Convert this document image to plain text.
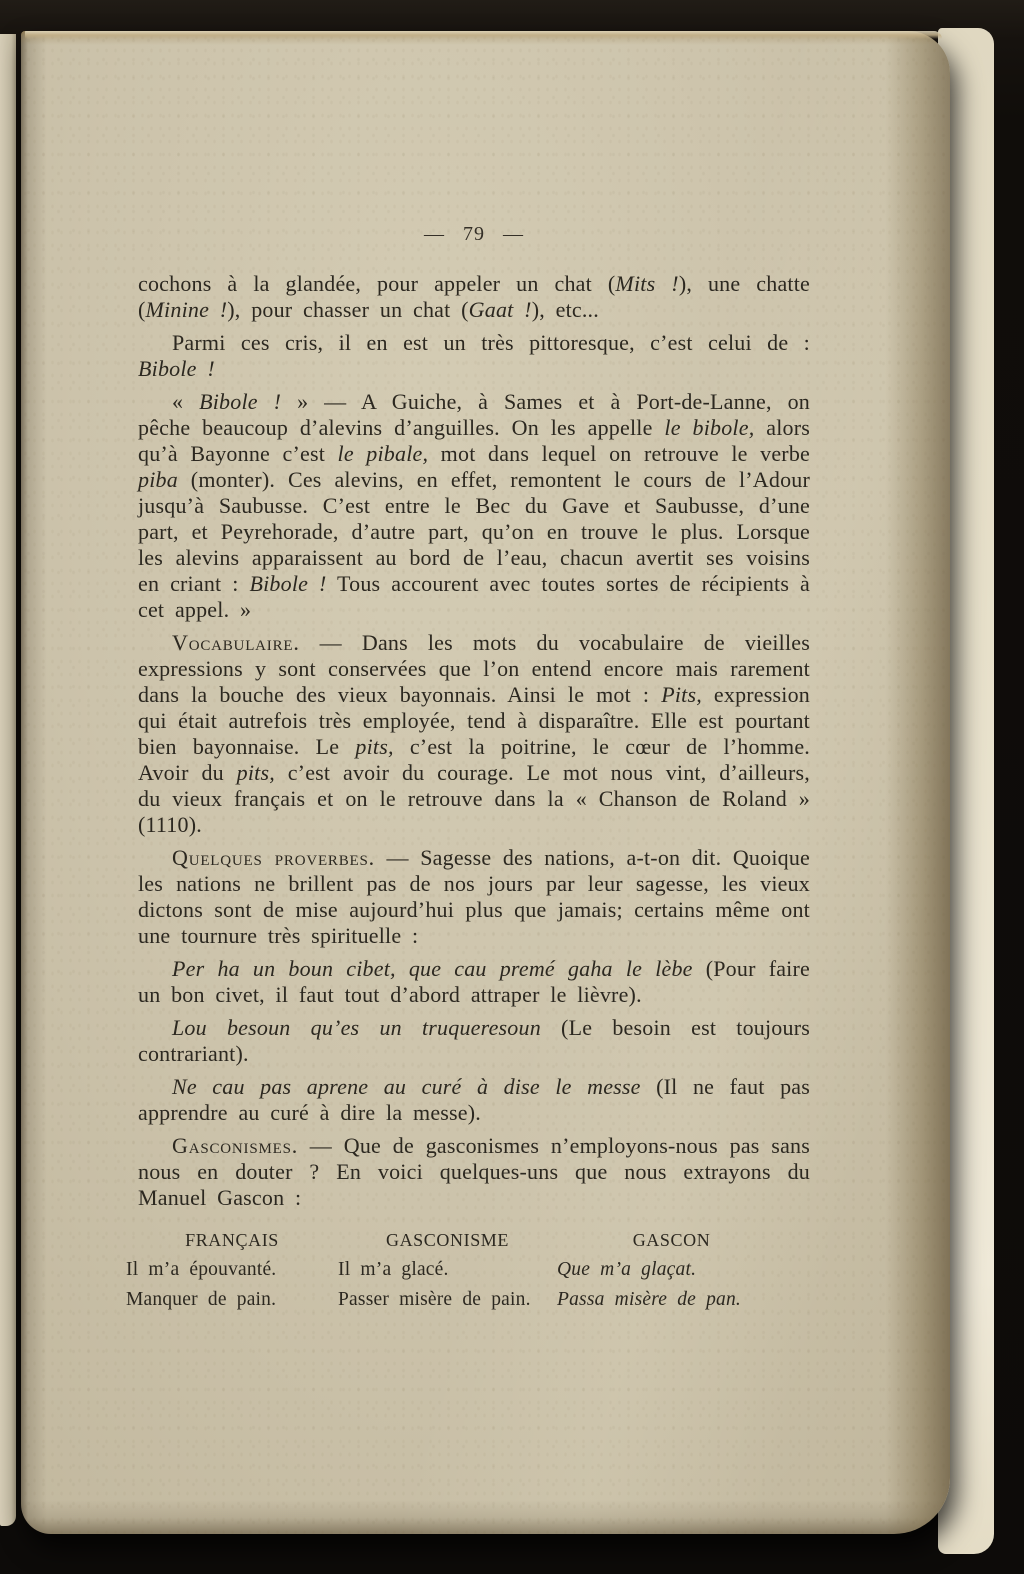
— 79 —

cochons à la glandée, pour appeler un chat (Mits !), une chatte (Minine !), pour chasser un chat (Gaat !), etc...

Parmi ces cris, il en est un très pittoresque, c’est celui de : Bibole !

« Bibole ! » — A Guiche, à Sames et à Port-de-Lanne, on pêche beaucoup d’alevins d’anguilles. On les appelle le bibole, alors qu’à Bayonne c’est le pibale, mot dans lequel on retrouve le verbe piba (monter). Ces alevins, en effet, remontent le cours de l’Adour jusqu’à Saubusse. C’est entre le Bec du Gave et Saubusse, d’une part, et Peyrehorade, d’autre part, qu’on en trouve le plus. Lorsque les alevins apparaissent au bord de l’eau, chacun avertit ses voisins en criant : Bibole ! Tous accourent avec toutes sortes de récipients à cet appel. »

Vocabulaire. — Dans les mots du vocabulaire de vieilles expressions y sont conservées que l’on entend encore mais rarement dans la bouche des vieux bayonnais. Ainsi le mot : Pits, expression qui était autrefois très employée, tend à disparaître. Elle est pourtant bien bayonnaise. Le pits, c’est la poitrine, le cœur de l’homme. Avoir du pits, c’est avoir du courage. Le mot nous vint, d’ailleurs, du vieux français et on le retrouve dans la « Chanson de Roland » (1110).

Quelques proverbes. — Sagesse des nations, a-t-on dit. Quoique les nations ne brillent pas de nos jours par leur sagesse, les vieux dictons sont de mise aujourd’hui plus que jamais; certains même ont une tournure très spirituelle :

Per ha un boun cibet, que cau premé gaha le lèbe (Pour faire un bon civet, il faut tout d’abord attraper le lièvre).

Lou besoun qu’es un truqueresoun (Le besoin est toujours contrariant).

Ne cau pas aprene au curé à dise le messe (Il ne faut pas apprendre au curé à dire la messe).

Gasconismes. — Que de gasconismes n’employons-nous pas sans nous en douter ? En voici quelques-uns que nous extrayons du Manuel Gascon :

FRANÇAIS	GASCONISME	GASCON
Il m’a épouvanté.	Il m’a glacé.	Que m’a glaçat.
Manquer de pain.	Passer misère de pain.	Passa misère de pan.
